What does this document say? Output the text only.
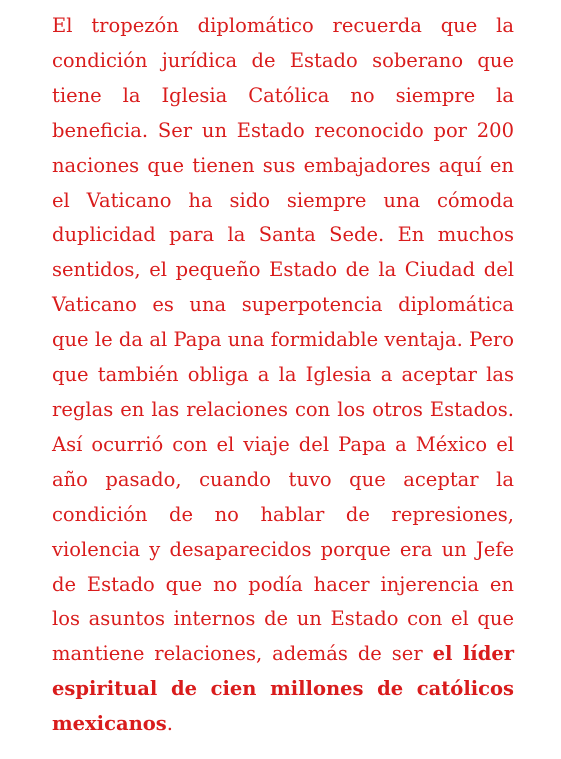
El tropezón diplomático recuerda que la condición jurídica de Estado soberano que tiene la Iglesia Católica no siempre la beneficia. Ser un Estado reconocido por 200 naciones que tienen sus embajadores aquí en el Vaticano ha sido siempre una cómoda duplicidad para la Santa Sede. En muchos sentidos, el pequeño Estado de la Ciudad del Vaticano es una superpotencia diplomática que le da al Papa una formidable ventaja. Pero que también obliga a la Iglesia a aceptar las reglas en las relaciones con los otros Estados. Así ocurrió con el viaje del Papa a México el año pasado, cuando tuvo que aceptar la condición de no hablar de represiones, violencia y desaparecidos porque era un Jefe de Estado que no podía hacer injerencia en los asuntos internos de un Estado con el que mantiene relaciones, además de ser el líder espiritual de cien millones de católicos mexicanos.
